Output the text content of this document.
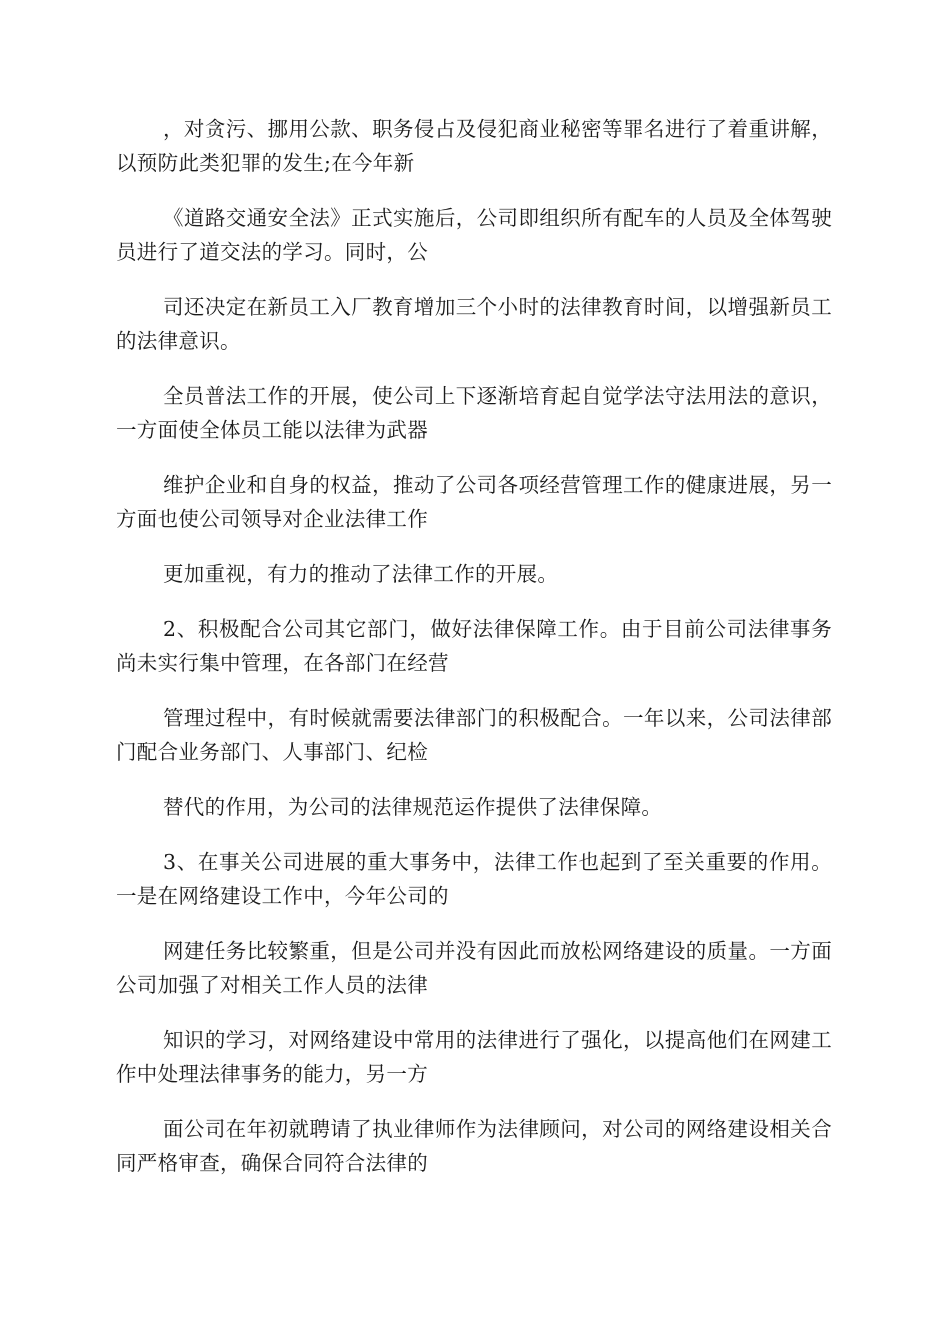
，对贪污、挪用公款、职务侵占及侵犯商业秘密等罪名进行了着重讲解，以预防此类犯罪的发生;在今年新

《道路交通安全法》正式实施后，公司即组织所有配车的人员及全体驾驶员进行了道交法的学习。同时，公

司还决定在新员工入厂教育增加三个小时的法律教育时间，以增强新员工的法律意识。

全员普法工作的开展，使公司上下逐渐培育起自觉学法守法用法的意识，一方面使全体员工能以法律为武器

维护企业和自身的权益，推动了公司各项经营管理工作的健康进展，另一方面也使公司领导对企业法律工作

更加重视，有力的推动了法律工作的开展。

2、积极配合公司其它部门，做好法律保障工作。由于目前公司法律事务尚未实行集中管理，在各部门在经营

管理过程中，有时候就需要法律部门的积极配合。一年以来，公司法律部门配合业务部门、人事部门、纪检

替代的作用，为公司的法律规范运作提供了法律保障。

3、在事关公司进展的重大事务中，法律工作也起到了至关重要的作用。一是在网络建设工作中，今年公司的

网建任务比较繁重，但是公司并没有因此而放松网络建设的质量。一方面公司加强了对相关工作人员的法律

知识的学习，对网络建设中常用的法律进行了强化，以提高他们在网建工作中处理法律事务的能力，另一方

面公司在年初就聘请了执业律师作为法律顾问，对公司的网络建设相关合同严格审查，确保合同符合法律的
